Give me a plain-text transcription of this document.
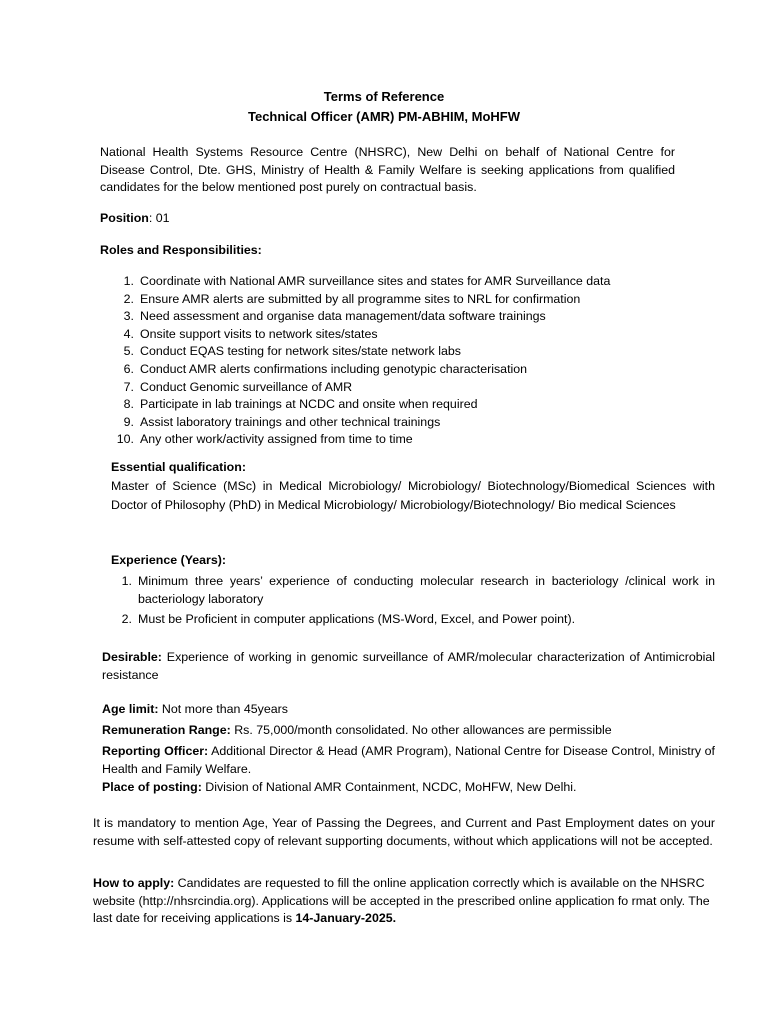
Terms of Reference
Technical Officer (AMR) PM-ABHIM, MoHFW
National Health Systems Resource Centre (NHSRC), New Delhi on behalf of National Centre for Disease Control, Dte. GHS, Ministry of Health & Family Welfare is seeking applications from qualified candidates for the below mentioned post purely on contractual basis.
Position: 01
Roles and Responsibilities:
1. Coordinate with National AMR surveillance sites and states for AMR Surveillance data
2. Ensure AMR alerts are submitted by all programme sites to NRL for confirmation
3. Need assessment and organise data management/data software trainings
4. Onsite support visits to network sites/states
5. Conduct EQAS testing for network sites/state network labs
6. Conduct AMR alerts confirmations including genotypic characterisation
7. Conduct Genomic surveillance of AMR
8. Participate in lab trainings at NCDC and onsite when required
9. Assist laboratory trainings and other technical trainings
10. Any other work/activity assigned from time to time
Essential qualification:
Master of Science (MSc) in Medical Microbiology/ Microbiology/ Biotechnology/Biomedical Sciences with Doctor of Philosophy (PhD) in Medical Microbiology/ Microbiology/Biotechnology/ Bio medical Sciences
Experience (Years):
1. Minimum three years’ experience of conducting molecular research in bacteriology /clinical work in bacteriology laboratory
2. Must be Proficient in computer applications (MS-Word, Excel, and Power point).
Desirable: Experience of working in genomic surveillance of AMR/molecular characterization of Antimicrobial resistance
Age limit: Not more than 45years
Remuneration Range: Rs. 75,000/month consolidated. No other allowances are permissible
Reporting Officer: Additional Director & Head (AMR Program), National Centre for Disease Control, Ministry of Health and Family Welfare.
Place of posting: Division of National AMR Containment, NCDC, MoHFW, New Delhi.
It is mandatory to mention Age, Year of Passing the Degrees, and Current and Past Employment dates on your resume with self-attested copy of relevant supporting documents, without which applications will not be accepted.
How to apply: Candidates are requested to fill the online application correctly which is available on the NHSRC website (http://nhsrcindia.org). Applications will be accepted in the prescribed online application fo rmat only. The last date for receiving applications is 14-January-2025.
